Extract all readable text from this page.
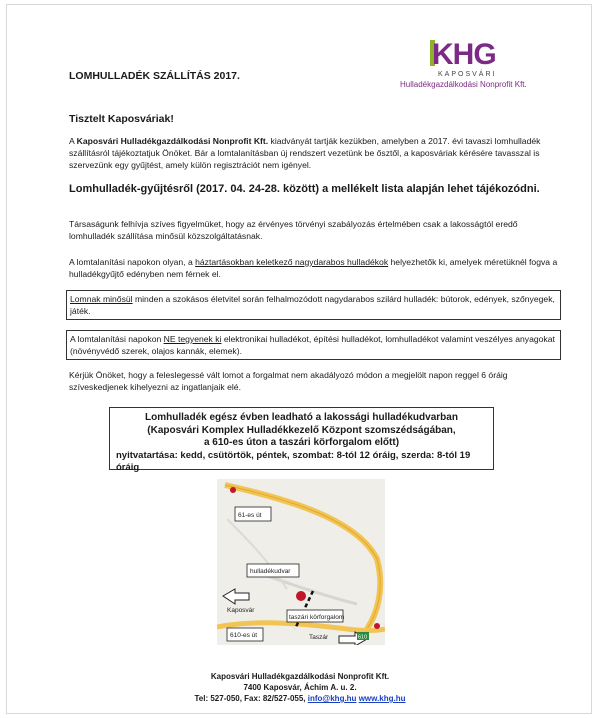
KHG
KAPOSVÁRI
Hulladékgazdálkodási Nonprofit Kft.
LOMHULLADÉK SZÁLLÍTÁS 2017.
Tisztelt Kaposváriak!
A Kaposvári Hulladékgazdálkodási Nonprofit Kft. kiadványát tartják kezükben, amelyben a 2017. évi tavaszi lomhulladék szállításról tájékoztatjuk Önöket. Bár a lomtalanításban új rendszert vezetünk be ősztől, a kaposváriak kérésére tavasszal is szervezünk egy gyűjtést, amely külön regisztrációt nem igényel.
Lomhulladék-gyűjtésről (2017. 04. 24-28. között) a mellékelt lista alapján lehet tájékozódni.
Társaságunk felhívja szíves figyelmüket, hogy az érvényes törvényi szabályozás értelmében csak a lakosságtól eredő lomhulladék szállítása minősül közszolgáltatásnak.
A lomtalanítási napokon olyan, a háztartásokban keletkező nagydarabos hulladékok helyezhetők ki, amelyek méretüknél fogva a hulladékgyűjtő edényben nem férnek el.
Lomnak minősül minden a szokásos életvitel során felhalmozódott nagydarabos szilárd hulladék: bútorok, edények, szőnyegek, játék.
A lomtalanítási napokon NE tegyenek ki elektronikai hulladékot, építési hulladékot, lomhulladékot valamint veszélyes anyagokat (növényvédő szerek, olajos kannák, elemek).
Kérjük Önöket, hogy a feleslegessé vált lomot a forgalmat nem akadályozó módon a megjelölt napon reggel 6 óráig szíveskedjenek kihelyezni az ingatlanjaik elé.
Lomhulladék egész évben leadható a lakossági hulladékudvarban
(Kaposvári Komplex Hulladékkezelő Központ szomszédságában,
a 610-es úton a taszári körforgalom előtt)
nyitvatartása: kedd, csütörtök, péntek, szombat: 8-tól 12 óráig, szerda: 8-tól 19 óráig
61-es út
hulladékudvar
Kaposvár
taszári körforgalom
610-es út	Taszár	610
Kaposvári Hulladékgazdálkodási Nonprofit Kft.
7400 Kaposvár, Áchim A. u. 2.
Tel: 527-050, Fax: 82/527-055, info@khg.hu www.khg.hu
